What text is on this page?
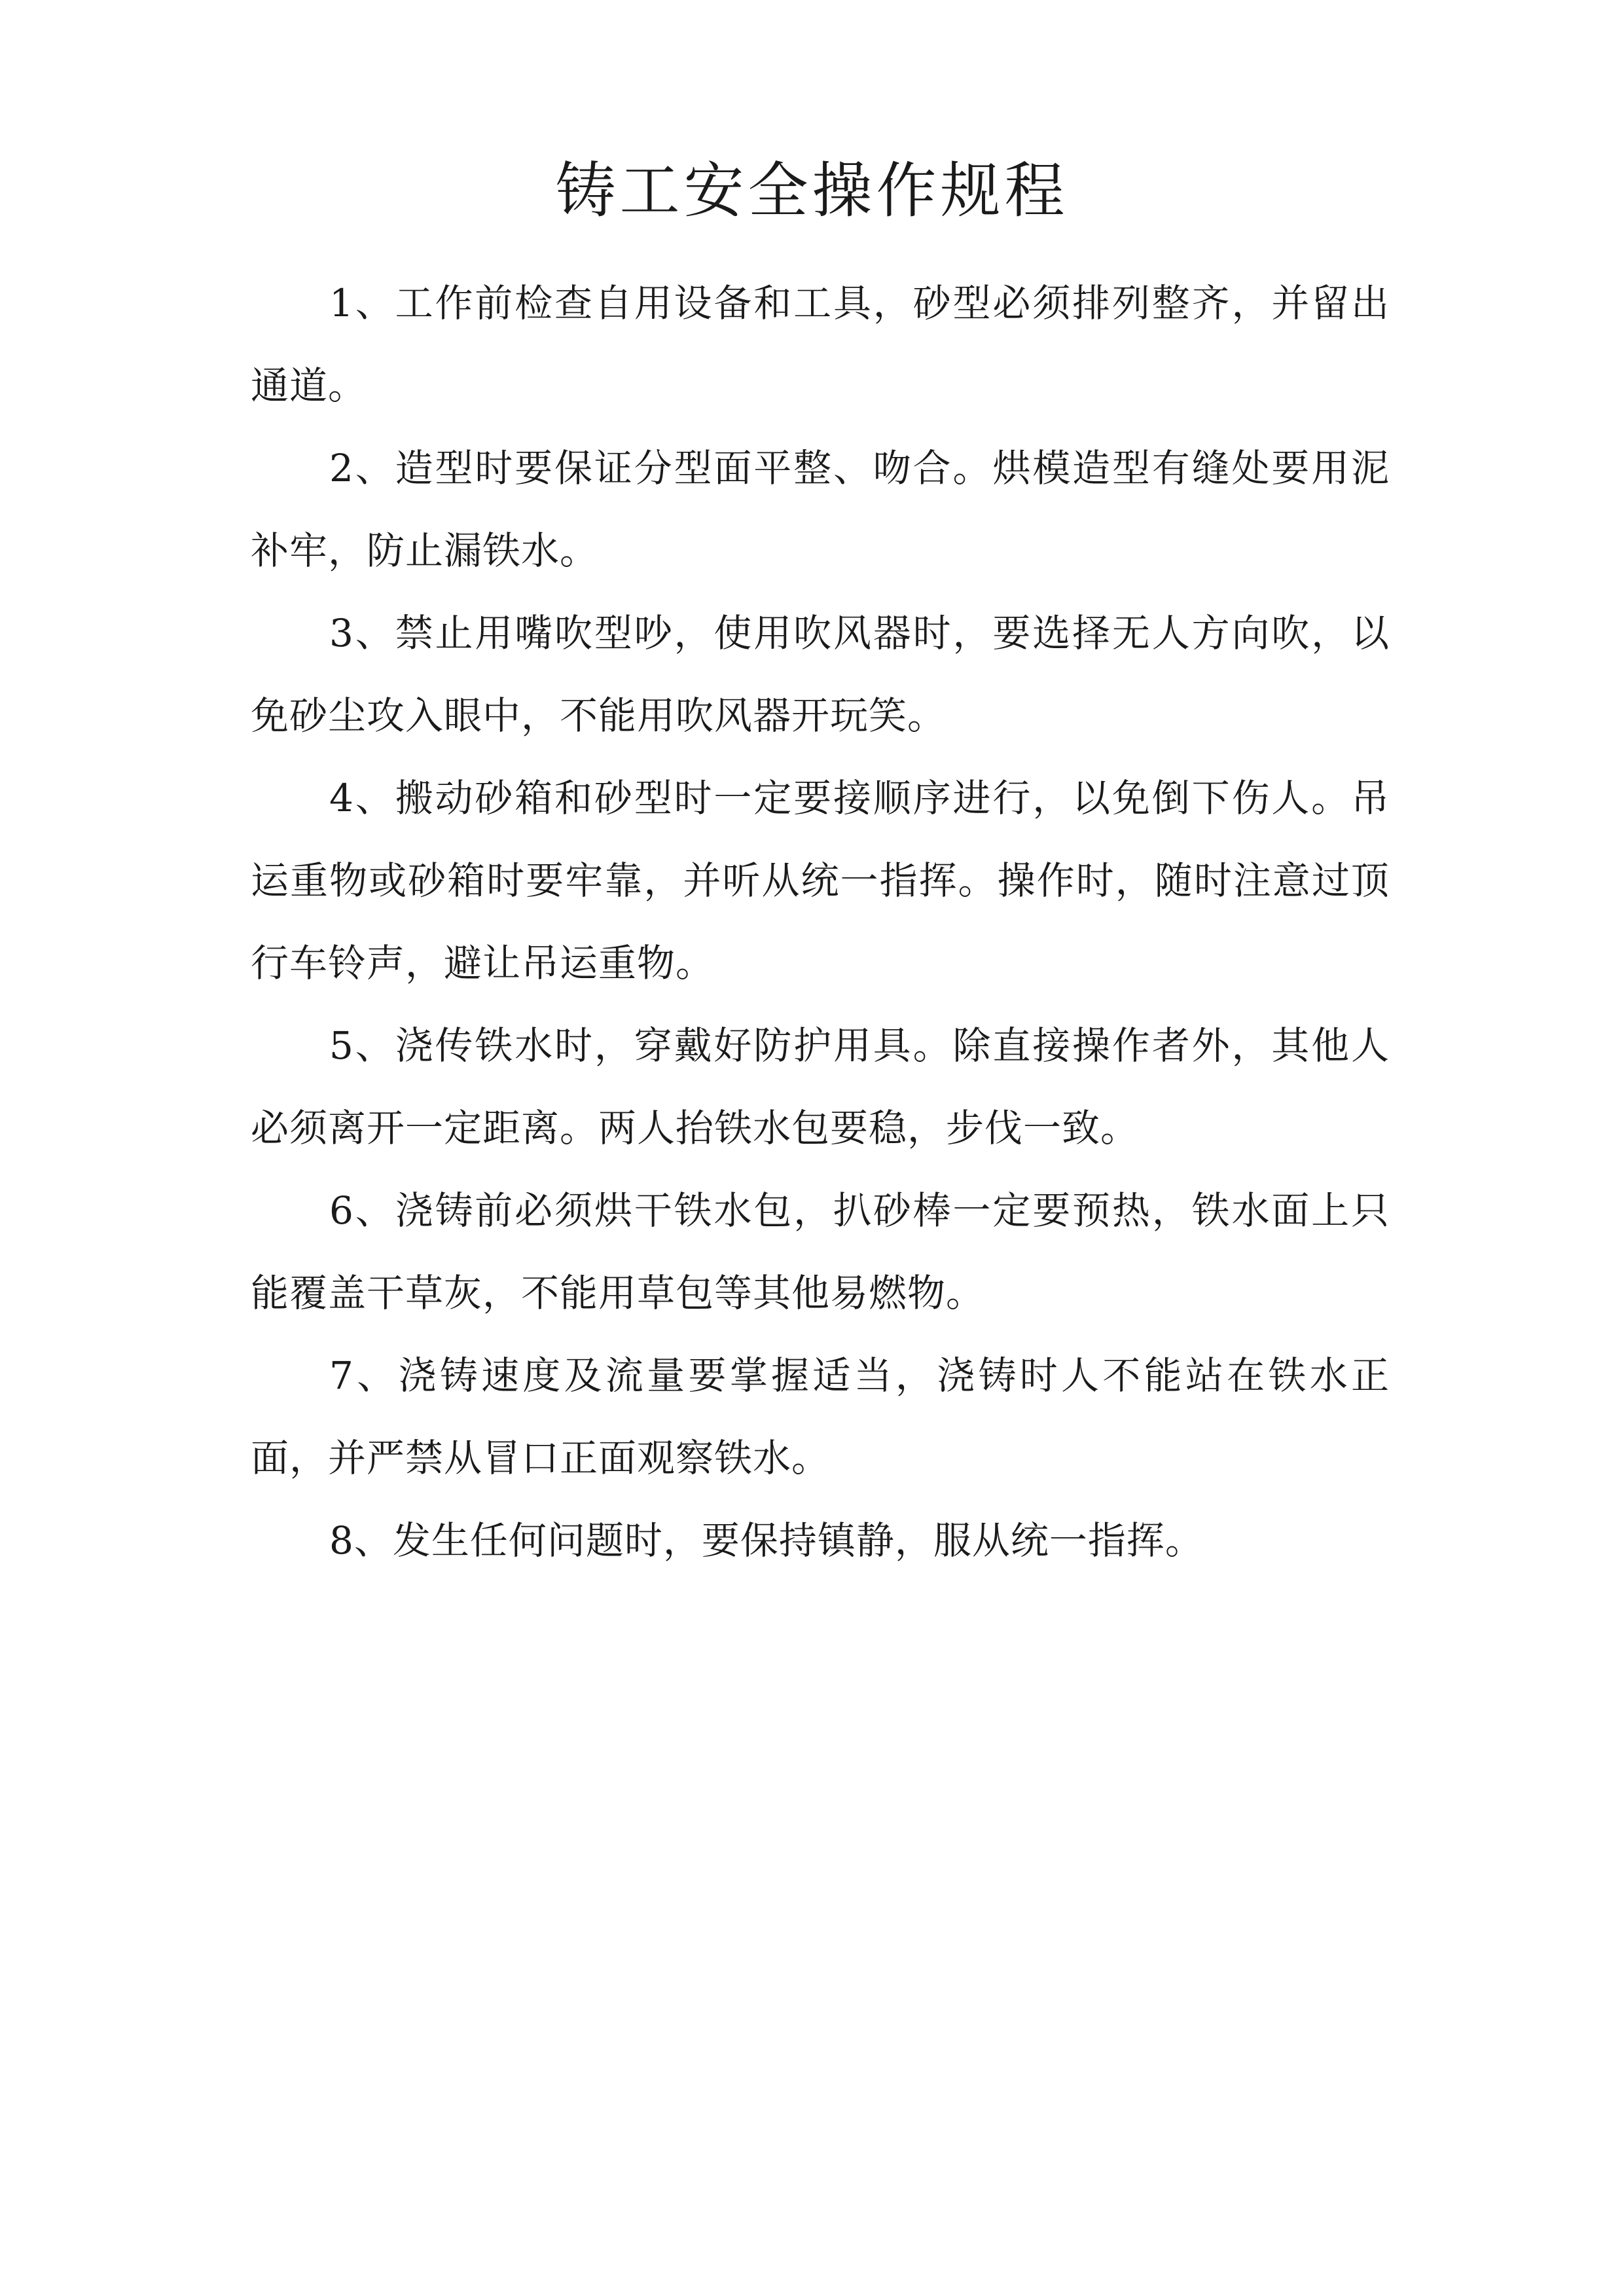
铸工安全操作规程

1、工作前检查自用设备和工具，砂型必须排列整齐，并留出通道。

2、造型时要保证分型面平整、吻合。烘模造型有缝处要用泥补牢，防止漏铁水。

3、禁止用嘴吹型吵，使用吹风器时，要选择无人方向吹，以免砂尘攻入眼中，不能用吹风器开玩笑。

4、搬动砂箱和砂型时一定要接顺序进行，以免倒下伤人。吊运重物或砂箱时要牢靠，并听从统一指挥。操作时，随时注意过顶行车铃声，避让吊运重物。

5、浇传铁水时，穿戴好防护用具。除直接操作者外，其他人必须离开一定距离。两人抬铁水包要稳，步伐一致。

6、浇铸前必须烘干铁水包，扒砂棒一定要预热，铁水面上只能覆盖干草灰，不能用草包等其他易燃物。

7、浇铸速度及流量要掌握适当，浇铸时人不能站在铁水正面，并严禁从冒口正面观察铁水。

8、发生任何问题时，要保持镇静，服从统一指挥。
